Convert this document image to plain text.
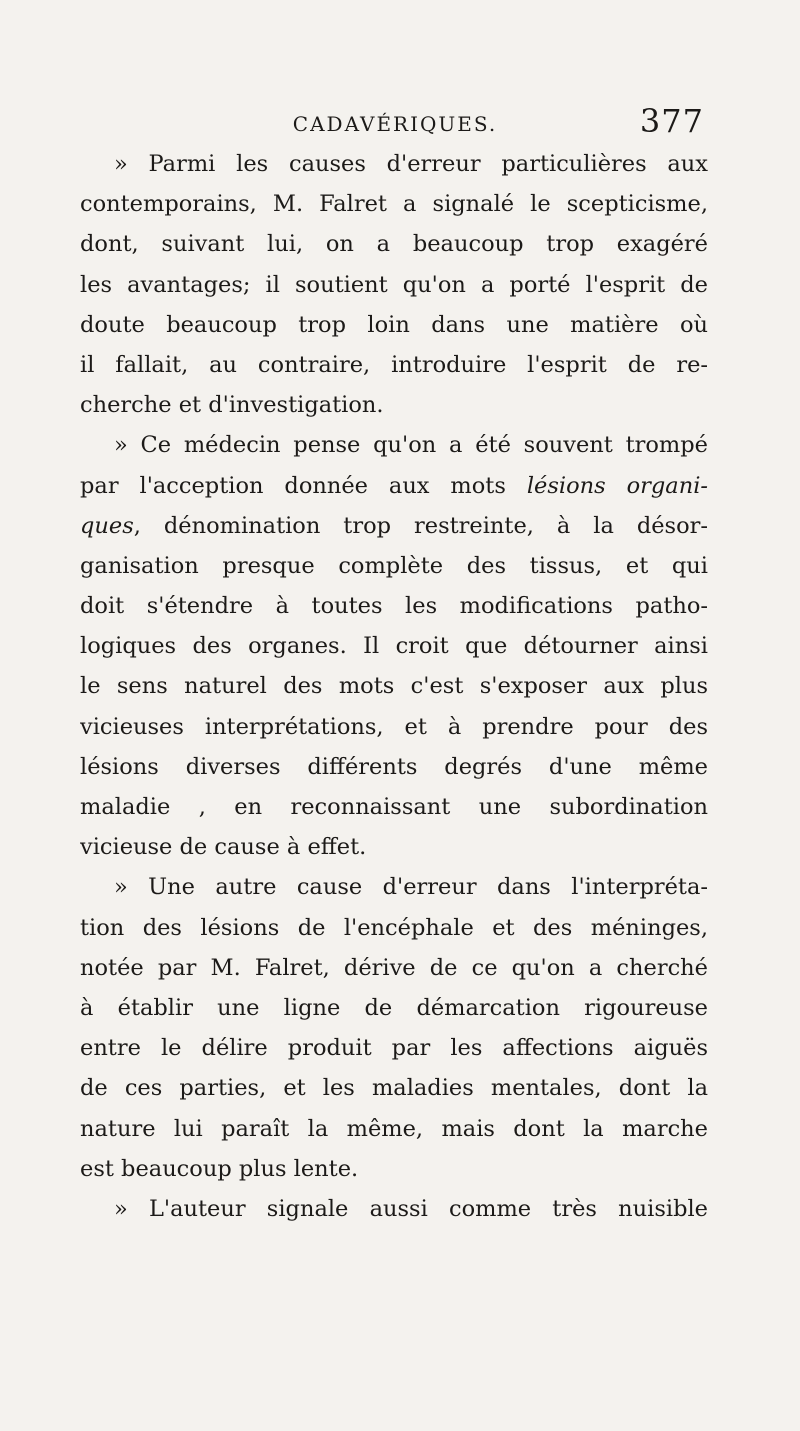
CADAVÉRIQUES.	377
» Parmi les causes d'erreur particulières aux
contemporains, M. Falret a signalé le scepticisme,
dont, suivant lui, on a beaucoup trop exagéré
les avantages; il soutient qu'on a porté l'esprit de
doute beaucoup trop loin dans une matière où
il fallait, au contraire, introduire l'esprit de re-
cherche et d'investigation.
» Ce médecin pense qu'on a été souvent trompé
par l'acception donnée aux mots lésions organi-
ques, dénomination trop restreinte, à la désor-
ganisation presque complète des tissus, et qui
doit s'étendre à toutes les modifications patho-
logiques des organes. Il croit que détourner ainsi
le sens naturel des mots c'est s'exposer aux plus
vicieuses interprétations, et à prendre pour des
lésions diverses différents degrés d'une même
maladie , en reconnaissant une subordination
vicieuse de cause à effet.
» Une autre cause d'erreur dans l'interpréta-
tion des lésions de l'encéphale et des méninges,
notée par M. Falret, dérive de ce qu'on a cherché
à établir une ligne de démarcation rigoureuse
entre le délire produit par les affections aiguës
de ces parties, et les maladies mentales, dont la
nature lui paraît la même, mais dont la marche
est beaucoup plus lente.
» L'auteur signale aussi comme très nuisible
